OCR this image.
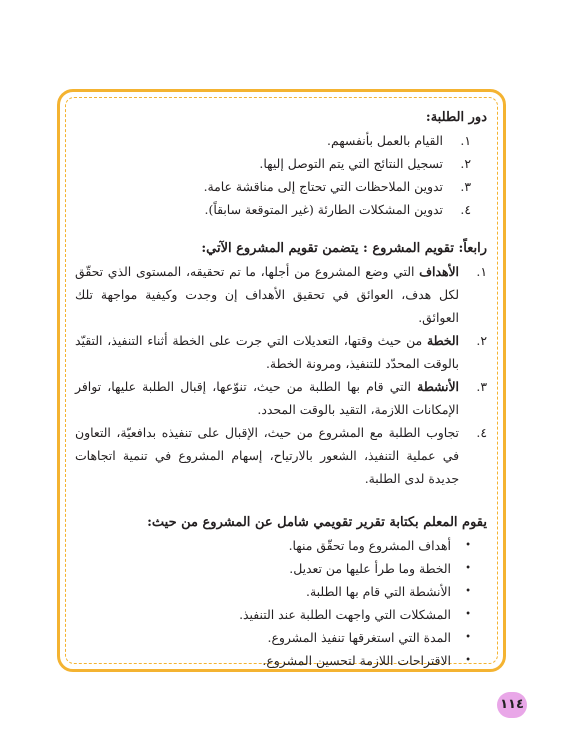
دور الطلبة:
١.
القيام بالعمل بأنفسهم.
٢.
تسجيل النتائج التي يتم التوصل إليها.
٣.
تدوين الملاحظات التي تحتاج إلى مناقشة عامة.
٤.
تدوين المشكلات الطارئة (غير المتوقعة سابقاً).
رابعاً: تقويم المشروع : يتضمن تقويم المشروع الآتي:
١.
الأهداف التي وضع المشروع من أجلها، ما تم تحقيقه، المستوى الذي تحقّق لكل هدف، العوائق في تحقيق الأهداف إن وجدت وكيفية مواجهة تلك العوائق.
٢.
الخطة من حيث وقتها، التعديلات التي جرت على الخطة أثناء التنفيذ، التقيّد بالوقت المحدّد للتنفيذ، ومرونة الخطة.
٣.
الأنشطة التي قام بها الطلبة من حيث، تنوّعها، إقبال الطلبة عليها، توافر الإمكانات اللازمة، التقيد بالوقت المحدد.
٤.
تجاوب الطلبة مع المشروع من حيث، الإقبال على تنفيذه بدافعيّة، التعاون في عملية التنفيذ، الشعور بالارتياح، إسهام المشروع في تنمية اتجاهات جديدة لدى الطلبة.
يقوم المعلم بكتابة تقرير تقويمي شامل عن المشروع من حيث:
•
أهداف المشروع وما تحقّق منها.
•
الخطة وما طرأ عليها من تعديل.
•
الأنشطة التي قام بها الطلبة.
•
المشكلات التي واجهت الطلبة عند التنفيذ.
•
المدة التي استغرقها تنفيذ المشروع.
•
الاقتراحات اللازمة لتحسين المشروع.
١١٤
